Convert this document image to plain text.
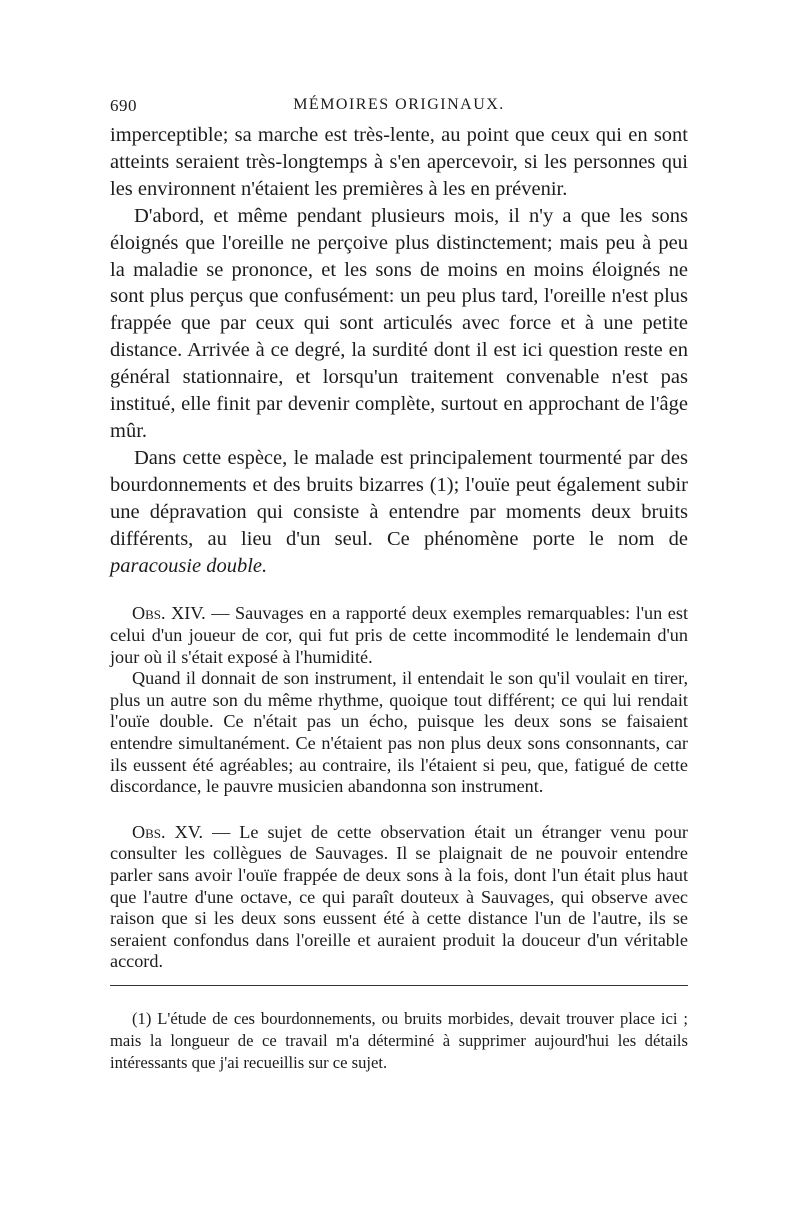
690	MÉMOIRES ORIGINAUX.

imperceptible; sa marche est très-lente, au point que ceux qui en sont atteints seraient très-longtemps à s'en apercevoir, si les personnes qui les environnent n'étaient les premières à les en prévenir.

D'abord, et même pendant plusieurs mois, il n'y a que les sons éloignés que l'oreille ne perçoive plus distinctement; mais peu à peu la maladie se prononce, et les sons de moins en moins éloignés ne sont plus perçus que confusément: un peu plus tard, l'oreille n'est plus frappée que par ceux qui sont articulés avec force et à une petite distance. Arrivée à ce degré, la surdité dont il est ici question reste en général stationnaire, et lorsqu'un traitement convenable n'est pas institué, elle finit par devenir complète, surtout en approchant de l'âge mûr.

Dans cette espèce, le malade est principalement tourmenté par des bourdonnements et des bruits bizarres (1); l'ouïe peut également subir une dépravation qui consiste à entendre par moments deux bruits différents, au lieu d'un seul. Ce phénomène porte le nom de paracousie double.

Obs. XIV. — Sauvages en a rapporté deux exemples remarquables: l'un est celui d'un joueur de cor, qui fut pris de cette incommodité le lendemain d'un jour où il s'était exposé à l'humidité.

Quand il donnait de son instrument, il entendait le son qu'il voulait en tirer, plus un autre son du même rhythme, quoique tout différent; ce qui lui rendait l'ouïe double. Ce n'était pas un écho, puisque les deux sons se faisaient entendre simultanément. Ce n'étaient pas non plus deux sons consonnants, car ils eussent été agréables; au contraire, ils l'étaient si peu, que, fatigué de cette discordance, le pauvre musicien abandonna son instrument.

Obs. XV. — Le sujet de cette observation était un étranger venu pour consulter les collègues de Sauvages. Il se plaignait de ne pouvoir entendre parler sans avoir l'ouïe frappée de deux sons à la fois, dont l'un était plus haut que l'autre d'une octave, ce qui paraît douteux à Sauvages, qui observe avec raison que si les deux sons eussent été à cette distance l'un de l'autre, ils se seraient confondus dans l'oreille et auraient produit la douceur d'un véritable accord.

(1) L'étude de ces bourdonnements, ou bruits morbides, devait trouver place ici ; mais la longueur de ce travail m'a déterminé à supprimer aujourd'hui les détails intéressants que j'ai recueillis sur ce sujet.
